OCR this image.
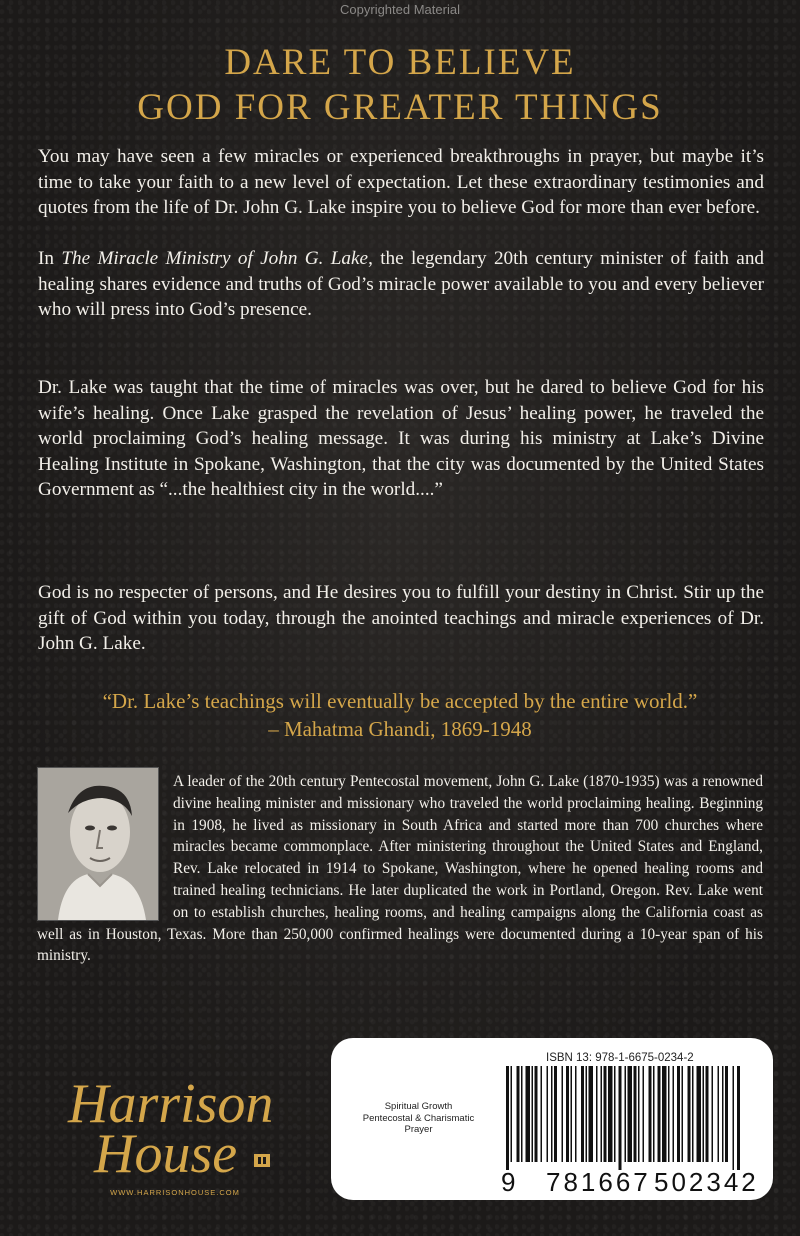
Copyrighted Material
DARE TO BELIEVE
GOD FOR GREATER THINGS

You may have seen a few miracles or experienced breakthroughs in prayer, but maybe it’s time to take your faith to a new level of expectation. Let these extraordinary testimonies and quotes from the life of Dr. John G. Lake inspire you to believe God for more than ever before.

In The Miracle Ministry of John G. Lake, the legendary 20th century minister of faith and healing shares evidence and truths of God’s miracle power available to you and every believer who will press into God’s presence.

Dr. Lake was taught that the time of miracles was over, but he dared to believe God for his wife’s healing. Once Lake grasped the revelation of Jesus’ healing power, he traveled the world proclaiming God’s healing message. It was during his ministry at Lake’s Divine Healing Institute in Spokane, Washington, that the city was documented by the United States Government as “...the healthiest city in the world....”

God is no respecter of persons, and He desires you to fulfill your destiny in Christ. Stir up the gift of God within you today, through the anointed teachings and miracle experiences of Dr. John G. Lake.

“Dr. Lake’s teachings will eventually be accepted by the entire world.”
– Mahatma Ghandi, 1869-1948

A leader of the 20th century Pentecostal movement, John G. Lake (1870-1935) was a renowned divine healing minister and missionary who traveled the world proclaiming healing. Beginning in 1908, he lived as missionary in South Africa and started more than 700 churches where miracles became commonplace. After ministering throughout the United States and England, Rev. Lake relocated in 1914 to Spokane, Washington, where he opened healing rooms and trained healing technicians. He later duplicated the work in Portland, Oregon. Rev. Lake went on to establish churches, healing rooms, and healing campaigns along the California coast as well as in Houston, Texas. More than 250,000 confirmed healings were documented during a 10-year span of his ministry.

Harrison
House
WWW.HARRISONHOUSE.COM
ISBN 13: 978-1-6675-0234-2
Spiritual Growth
Pentecostal & Charismatic
Prayer
9 781667 502342
